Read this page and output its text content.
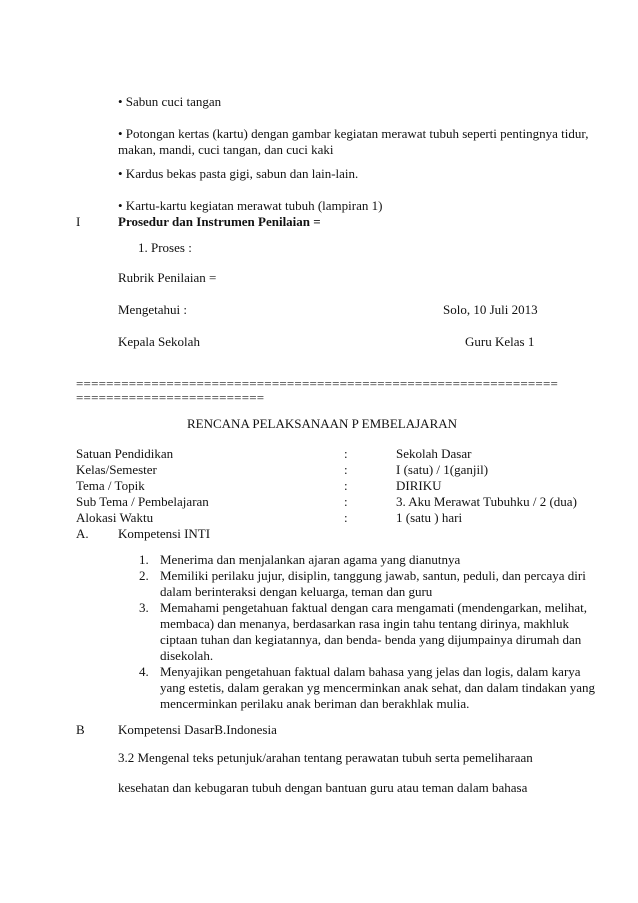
• Sabun cuci tangan
• Potongan kertas (kartu) dengan gambar kegiatan merawat tubuh seperti pentingnya tidur,
makan, mandi, cuci tangan, dan cuci kaki
• Kardus bekas pasta gigi, sabun dan lain-lain.
• Kartu-kartu kegiatan merawat tubuh (lampiran 1)
I	Prosedur dan Instrumen Penilaian =
1. Proses :
Rubrik Penilaian =
Mengetahui :	Solo, 10 Juli 2013
Kepala Sekolah	Guru Kelas 1
================================================================
=========================
RENCANA PELAKSANAAN P EMBELAJARAN
Satuan Pendidikan	:	Sekolah Dasar
Kelas/Semester	:	I (satu) / 1(ganjil)
Tema / Topik	:	DIRIKU
Sub Tema / Pembelajaran	:	3. Aku Merawat Tubuhku / 2 (dua)
Alokasi Waktu	:	1 (satu ) hari
A. Kompetensi INTI
1. Menerima dan menjalankan ajaran agama yang dianutnya
2. Memiliki perilaku jujur, disiplin, tanggung jawab, santun, peduli, dan percaya diri
dalam berinteraksi dengan keluarga, teman dan guru
3. Memahami pengetahuan faktual dengan cara mengamati (mendengarkan, melihat,
membaca) dan menanya, berdasarkan rasa ingin tahu tentang dirinya, makhluk
ciptaan tuhan dan kegiatannya, dan benda- benda yang dijumpainya dirumah dan
disekolah.
4. Menyajikan pengetahuan faktual dalam bahasa yang jelas dan logis, dalam karya
yang estetis, dalam gerakan yg mencerminkan anak sehat, dan dalam tindakan yang
mencerminkan perilaku anak beriman dan berakhlak mulia.
B	Kompetensi DasarB.Indonesia
3.2 Mengenal teks petunjuk/arahan tentang perawatan tubuh serta pemeliharaan
kesehatan dan kebugaran tubuh dengan bantuan guru atau teman dalam bahasa
